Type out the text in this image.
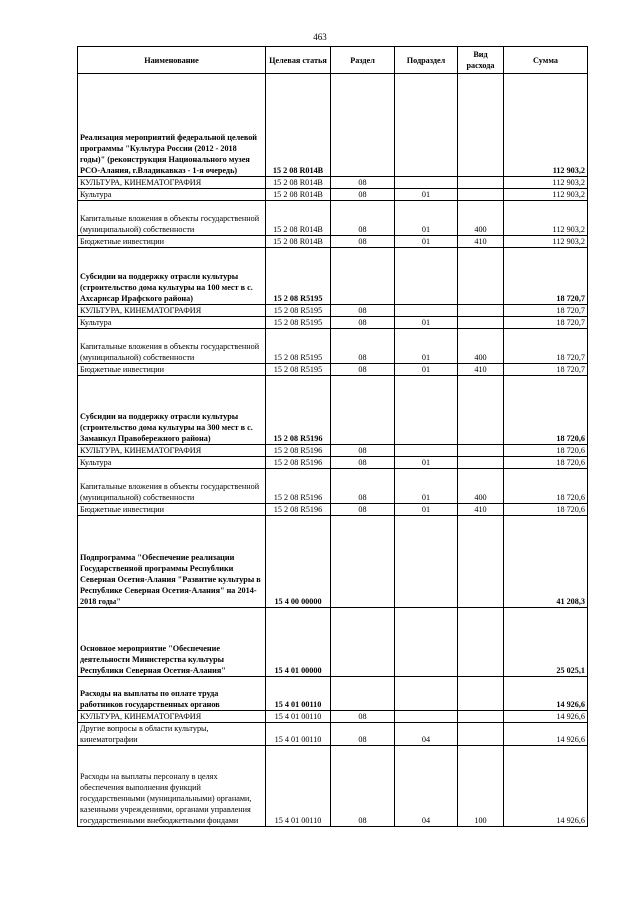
463
Наименование	Целевая статья	Раздел	Подраздел	Вид расхода	Сумма
Реализация мероприятий федеральной целевой программы "Культура России (2012 - 2018 годы)" (реконструкция Национального музея РСО-Алания, г.Владикавказ - 1-я очередь)	15 2 08 R014B				112 903,2
КУЛЬТУРА, КИНЕМАТОГРАФИЯ	15 2 08 R014B	08			112 903,2
Культура	15 2 08 R014B	08	01		112 903,2
Капитальные вложения в объекты государственной (муниципальной) собственности	15 2 08 R014B	08	01	400	112 903,2
Бюджетные инвестиции	15 2 08 R014B	08	01	410	112 903,2
Субсидии на поддержку отрасли культуры (строительство дома культуры на 100 мест в с. Ахсарисар Ирафского района)	15 2 08 R5195				18 720,7
КУЛЬТУРА, КИНЕМАТОГРАФИЯ	15 2 08 R5195	08			18 720,7
Культура	15 2 08 R5195	08	01		18 720,7
Капитальные вложения в объекты государственной (муниципальной) собственности	15 2 08 R5195	08	01	400	18 720,7
Бюджетные инвестиции	15 2 08 R5195	08	01	410	18 720,7
Субсидии на поддержку отрасли культуры (строительство дома культуры на 300 мест в с. Заманкул Правобережного района)	15 2 08 R5196				18 720,6
КУЛЬТУРА, КИНЕМАТОГРАФИЯ	15 2 08 R5196	08			18 720,6
Культура	15 2 08 R5196	08	01		18 720,6
Капитальные вложения в объекты государственной (муниципальной) собственности	15 2 08 R5196	08	01	400	18 720,6
Бюджетные инвестиции	15 2 08 R5196	08	01	410	18 720,6
Подпрограмма "Обеспечение реализации Государственной программы Республики Северная Осетия-Алания "Развитие культуры в Республике Северная Осетия-Алания" на 2014-2018 годы"	15 4 00 00000				41 208,3
Основное мероприятие "Обеспечение деятельности Министерства культуры Республики Северная Осетия-Алания"	15 4 01 00000				25 025,1
Расходы на выплаты по оплате труда работников государственных органов	15 4 01 00110				14 926,6
КУЛЬТУРА, КИНЕМАТОГРАФИЯ	15 4 01 00110	08			14 926,6
Другие вопросы в области культуры, кинематографии	15 4 01 00110	08	04		14 926,6
Расходы на выплаты персоналу в целях обеспечения выполнения функций государственными (муниципальными) органами, казенными учреждениями, органами управления государственными внебюджетными фондами	15 4 01 00110	08	04	100	14 926,6
